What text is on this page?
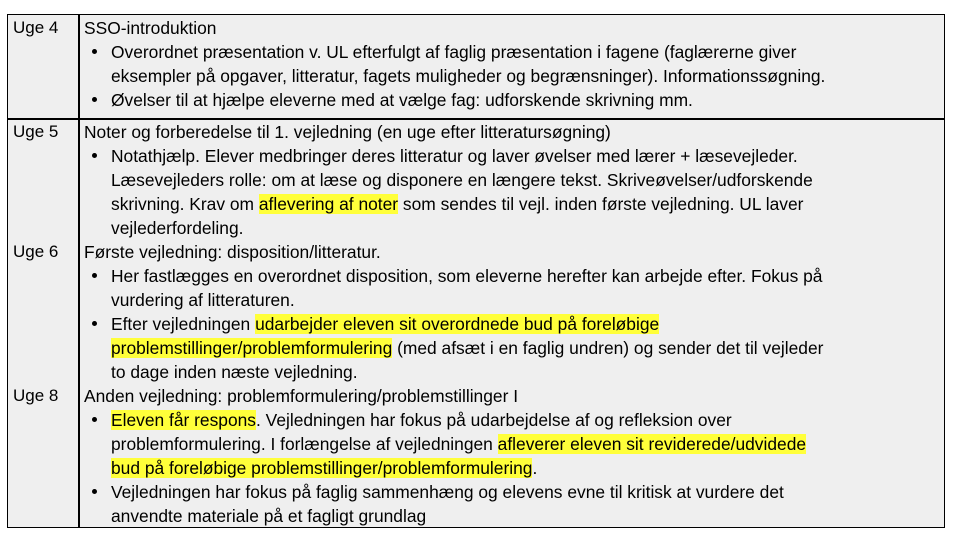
Uge 4 SSO-introduktion
Overordnet præsentation v. UL efterfulgt af faglig præsentation i fagene (faglærerne giver
eksempler på opgaver, litteratur, fagets muligheder og begrænsninger). Informationssøgning.
Øvelser til at hjælpe eleverne med at vælge fag: udforskende skrivning mm.
Uge 5 Noter og forberedelse til 1. vejledning (en uge efter litteratursøgning)
Notathjælp. Elever medbringer deres litteratur og laver øvelser med lærer + læsevejleder.
Læsevejleders rolle: om at læse og disponere en længere tekst. Skriveøvelser/udforskende
skrivning. Krav om aflevering af noter som sendes til vejl. inden første vejledning. UL laver
vejlederfordeling.
Uge 6 Første vejledning: disposition/litteratur.
Her fastlægges en overordnet disposition, som eleverne herefter kan arbejde efter. Fokus på
vurdering af litteraturen.
Efter vejledningen udarbejder eleven sit overordnede bud på foreløbige
problemstillinger/problemformulering (med afsæt i en faglig undren) og sender det til vejleder
to dage inden næste vejledning.
Uge 8 Anden vejledning: problemformulering/problemstillinger I
Eleven får respons. Vejledningen har fokus på udarbejdelse af og refleksion over
problemformulering. I forlængelse af vejledningen afleverer eleven sit reviderede/udvidede
bud på foreløbige problemstillinger/problemformulering.
Vejledningen har fokus på faglig sammenhæng og elevens evne til kritisk at vurdere det
anvendte materiale på et fagligt grundlag
